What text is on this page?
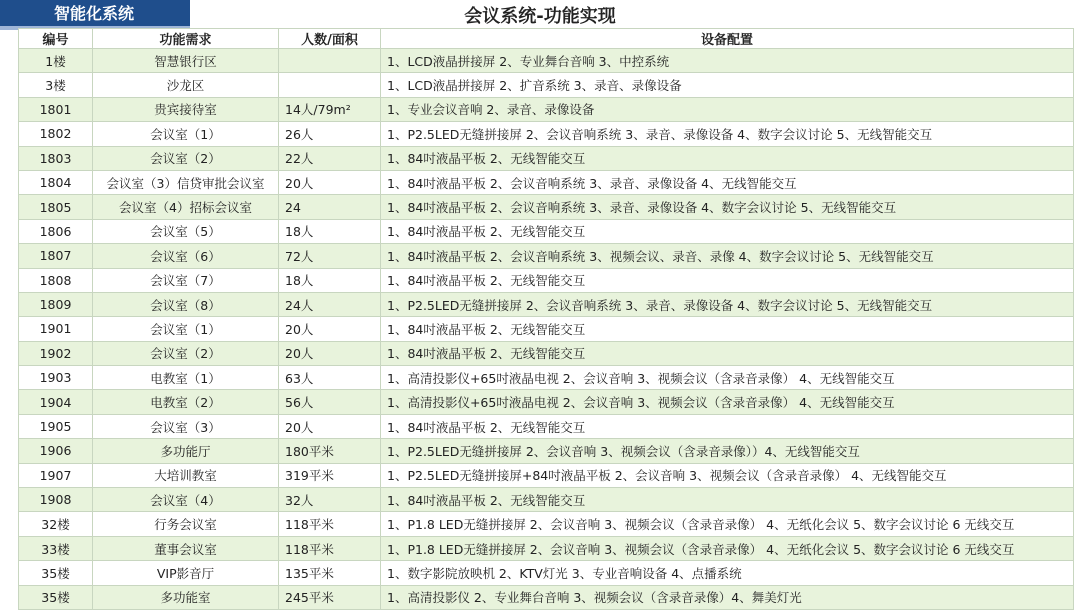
智能化系统	会议系统-功能实现
编号	功能需求	人数/面积	设备配置
1楼	智慧银行区		1、LCD液晶拼接屏 2、专业舞台音响 3、中控系统
3楼	沙龙区		1、LCD液晶拼接屏 2、扩音系统 3、录音、录像设备
1801	贵宾接待室	14人/79m²	1、专业会议音响 2、录音、录像设备
1802	会议室（1）	26人	1、P2.5LED无缝拼接屏 2、会议音响系统 3、录音、录像设备 4、数字会议讨论 5、无线智能交互
1803	会议室（2）	22人	1、84吋液晶平板 2、无线智能交互
1804	会议室（3）信贷审批会议室	20人	1、84吋液晶平板 2、会议音响系统 3、录音、录像设备 4、无线智能交互
1805	会议室（4）招标会议室	24	1、84吋液晶平板 2、会议音响系统 3、录音、录像设备 4、数字会议讨论 5、无线智能交互
1806	会议室（5）	18人	1、84吋液晶平板 2、无线智能交互
1807	会议室（6）	72人	1、84吋液晶平板 2、会议音响系统 3、视频会议、录音、录像 4、数字会议讨论 5、无线智能交互
1808	会议室（7）	18人	1、84吋液晶平板 2、无线智能交互
1809	会议室（8）	24人	1、P2.5LED无缝拼接屏 2、会议音响系统 3、录音、录像设备 4、数字会议讨论 5、无线智能交互
1901	会议室（1）	20人	1、84吋液晶平板 2、无线智能交互
1902	会议室（2）	20人	1、84吋液晶平板 2、无线智能交互
1903	电教室（1）	63人	1、高清投影仪+65吋液晶电视 2、会议音响 3、视频会议（含录音录像） 4、无线智能交互
1904	电教室（2）	56人	1、高清投影仪+65吋液晶电视 2、会议音响 3、视频会议（含录音录像） 4、无线智能交互
1905	会议室（3）	20人	1、84吋液晶平板 2、无线智能交互
1906	多功能厅	180平米	1、P2.5LED无缝拼接屏 2、会议音响 3、视频会议（含录音录像））4、无线智能交互
1907	大培训教室	319平米	1、P2.5LED无缝拼接屏+84吋液晶平板 2、会议音响 3、视频会议（含录音录像） 4、无线智能交互
1908	会议室（4）	32人	1、84吋液晶平板 2、无线智能交互
32楼	行务会议室	118平米	1、P1.8 LED无缝拼接屏 2、会议音响 3、视频会议（含录音录像） 4、无纸化会议 5、数字会议讨论 6 无线交互
33楼	董事会议室	118平米	1、P1.8 LED无缝拼接屏 2、会议音响 3、视频会议（含录音录像） 4、无纸化会议 5、数字会议讨论 6 无线交互
35楼	VIP影音厅	135平米	1、数字影院放映机 2、KTV灯光 3、专业音响设备 4、点播系统
35楼	多功能室	245平米	1、高清投影仪 2、专业舞台音响 3、视频会议（含录音录像）4、舞美灯光
